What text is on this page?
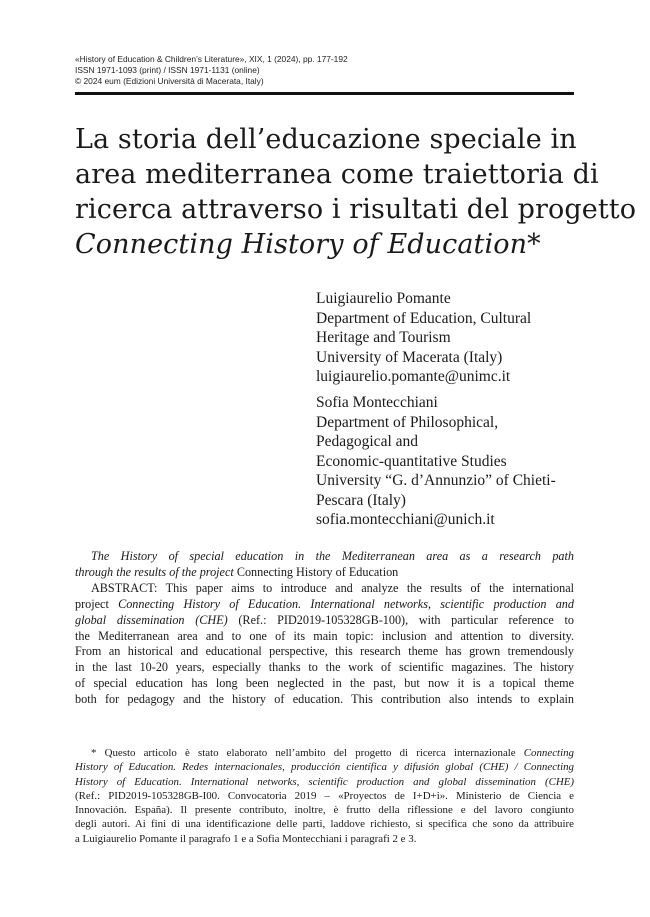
«History of Education & Children’s Literature», XIX, 1 (2024), pp. 177-192
ISSN 1971-1093 (print) / ISSN 1971-1131 (online)
© 2024 eum (Edizioni Università di Macerata, Italy)
La storia dell’educazione speciale in
area mediterranea come traiettoria di
ricerca attraverso i risultati del progetto
Connecting History of Education*
Luigiaurelio Pomante
Department of Education, Cultural
Heritage and Tourism
University of Macerata (Italy)
luigiaurelio.pomante@unimc.it
Sofia Montecchiani
Department of Philosophical,
Pedagogical and
Economic-quantitative Studies
University “G. d’Annunzio” of Chieti-
Pescara (Italy)
sofia.montecchiani@unich.it
The History of special education in the Mediterranean area as a research path
through the results of the project Connecting History of Education
ABSTRACT: This paper aims to introduce and analyze the results of the international
project Connecting History of Education. International networks, scientific production and
global dissemination (CHE) (Ref.: PID2019-105328GB-100), with particular reference to
the Mediterranean area and to one of its main topic: inclusion and attention to diversity.
From an historical and educational perspective, this research theme has grown tremendously
in the last 10-20 years, especially thanks to the work of scientific magazines. The history
of special education has long been neglected in the past, but now it is a topical theme
both for pedagogy and the history of education. This contribution also intends to explain
* Questo articolo è stato elaborato nell’ambito del progetto di ricerca internazionale Connecting
History of Education. Redes internacionales, producción científica y difusión global (CHE) / Connecting
History of Education. International networks, scientific production and global dissemination (CHE)
(Ref.: PID2019-105328GB-I00. Convocatoria 2019 – «Proyectos de I+D+i». Ministerio de Ciencia e
Innovación. España). Il presente contributo, inoltre, è frutto della riflessione e del lavoro congiunto
degli autori. Ai fini di una identificazione delle parti, laddove richiesto, si specifica che sono da attribuire
a Luigiaurelio Pomante il paragrafo 1 e a Sofia Montecchiani i paragrafi 2 e 3.
